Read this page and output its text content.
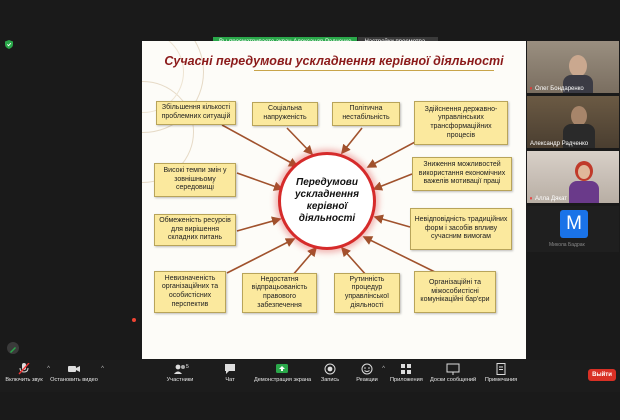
Сучасні передумови ускладнення керівної діяльності
Передумови ускладнення керівної діяльності
Збільшення кількості проблемних ситуацій
Соціальна напруженість
Політична нестабільність
Здійснення державно-управлінських трансформаційних процесів
Високі темпи змін у зовнішньому середовищі
Зниження можливостей використання економічних важелів мотивації праці
Обмеженість ресурсів для вирішення складних питань
Невідповідність традиційних форм і засобів впливу сучасним вимогам
Невизначеність організаційних та особистісних перспектив
Недостатня відпрацьованість правового забезпечення
Рутинність процедур управлінської діяльності
Організаційні та міжособистісні комунікаційні бар'єри
Олег Бондаренко
Александр Радченко
Алла Дякат
M
Микола Бадрак
Включить звук
^
Остановить видео
^
Участники
5
Чат	Демонстрация экрана Запись	Реакции
^
Приложения Доски сообщений Примечания
Выйти
